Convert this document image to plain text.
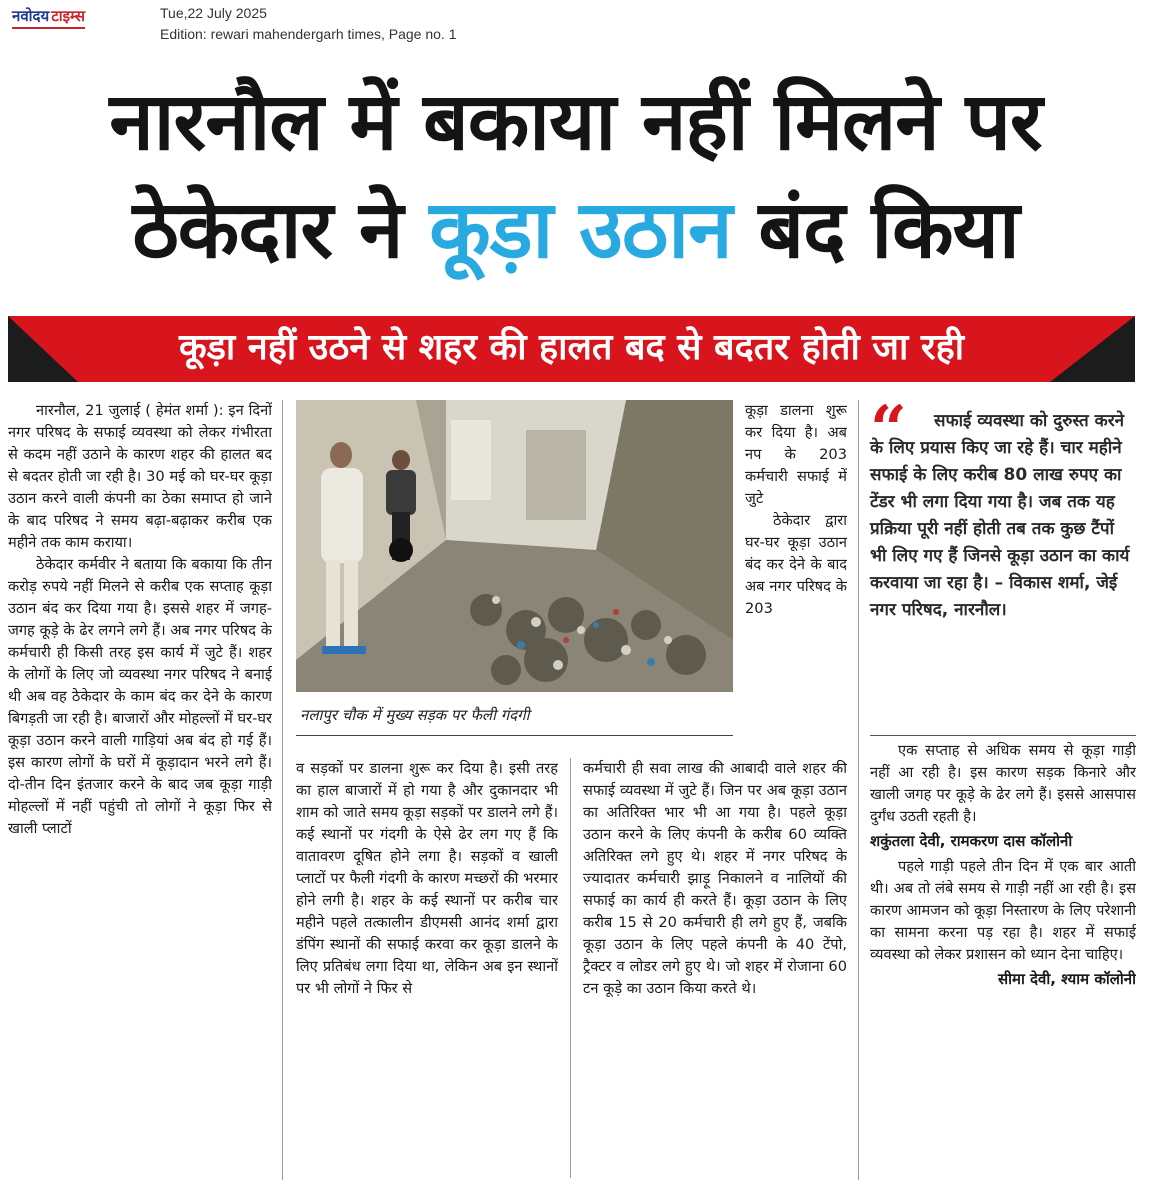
नवोदय टाइम्स	Tue,22 July 2025
Edition: rewari mahendergarh times, Page no. 1
नारनौल में बकाया नहीं मिलने पर
ठेकेदार ने कूड़ा उठान बंद किया
कूड़ा नहीं उठने से शहर की हालत बद से बदतर होती जा रही

नारनौल, 21 जुलाई ( हेमंत शर्मा ): इन दिनों नगर परिषद के सफाई व्यवस्था को लेकर गंभीरता से कदम नहीं उठाने के कारण शहर की हालत बद से बदतर होती जा रही है। 30 मई को घर-घर कूड़ा उठान करने वाली कंपनी का ठेका समाप्त हो जाने के बाद परिषद ने समय बढ़ा-बढ़ाकर करीब एक महीने तक काम कराया।

ठेकेदार कर्मवीर ने बताया कि बकाया कि तीन करोड़ रुपये नहीं मिलने से करीब एक सप्ताह कूड़ा उठान बंद कर दिया गया है। इससे शहर में जगह-जगह कूड़े के ढेर लगने लगे हैं। अब नगर परिषद के कर्मचारी ही किसी तरह इस कार्य में जुटे हैं। शहर के लोगों के लिए जो व्यवस्था नगर परिषद ने बनाई थी अब वह ठेकेदार के काम बंद कर देने के कारण बिगड़ती जा रही है। बाजारों और मोहल्लों में घर-घर कूड़ा उठान करने वाली गाड़ियां अब बंद हो गई हैं। इस कारण लोगों के घरों में कूड़ादान भरने लगे हैं। दो-तीन दिन इंतजार करने के बाद जब कूड़ा गाड़ी मोहल्लों में नहीं पहुंची तो लोगों ने कूड़ा फिर से खाली प्लाटों

नलापुर चौक में मुख्य सड़क पर फैली गंदगी

कूड़ा डालना शुरू कर दिया है। अब नप के 203 कर्मचारी सफाई में जुटे

ठेकेदार द्वारा घर-घर कूड़ा उठान बंद कर देने के बाद अब नगर परिषद के 203

व सड़कों पर डालना शुरू कर दिया है। इसी तरह का हाल बाजारों में हो गया है और दुकानदार भी शाम को जाते समय कूड़ा सड़कों पर डालने लगे हैं। कई स्थानों पर गंदगी के ऐसे ढेर लग गए हैं कि वातावरण दूषित होने लगा है। सड़कों व खाली प्लाटों पर फैली गंदगी के कारण मच्छरों की भरमार होने लगी है। शहर के कई स्थानों पर करीब चार महीने पहले तत्कालीन डीएमसी आनंद शर्मा द्वारा डंपिंग स्थानों की सफाई करवा कर कूड़ा डालने के लिए प्रतिबंध लगा दिया था, लेकिन अब इन स्थानों पर भी लोगों ने फिर से

कर्मचारी ही सवा लाख की आबादी वाले शहर की सफाई व्यवस्था में जुटे हैं। जिन पर अब कूड़ा उठान का अतिरिक्त भार भी आ गया है। पहले कूड़ा उठान करने के लिए कंपनी के करीब 60 व्यक्ति अतिरिक्त लगे हुए थे। शहर में नगर परिषद के ज्यादातर कर्मचारी झाड़ू निकालने व नालियों की सफाई का कार्य ही करते हैं। कूड़ा उठान के लिए करीब 15 से 20 कर्मचारी ही लगे हुए हैं, जबकि कूड़ा उठान के लिए पहले कंपनी के 40 टेंपो, ट्रैक्टर व लोडर लगे हुए थे। जो शहर में रोजाना 60 टन कूड़े का उठान किया करते थे।

“	सफाई व्यवस्था को दुरुस्त करने के लिए प्रयास किए जा रहे हैं। चार महीने सफाई के लिए करीब 80 लाख रुपए का टेंडर भी लगा दिया गया है। जब तक यह प्रक्रिया पूरी नहीं होती तब तक कुछ टैंपों भी लिए गए हैं जिनसे कूड़ा उठान का कार्य करवाया जा रहा है। – विकास शर्मा, जेई नगर परिषद, नारनौल।

एक सप्ताह से अधिक समय से कूड़ा गाड़ी नहीं आ रही है। इस कारण सड़क किनारे और खाली जगह पर कूड़े के ढेर लगे हैं। इससे आसपास दुर्गंध उठती रहती है।

शकुंतला देवी, रामकरण दास कॉलोनी

पहले गाड़ी पहले तीन दिन में एक बार आती थी। अब तो लंबे समय से गाड़ी नहीं आ रही है। इस कारण आमजन को कूड़ा निस्तारण के लिए परेशानी का सामना करना पड़ रहा है। शहर में सफाई व्यवस्था को लेकर प्रशासन को ध्यान देना चाहिए।

सीमा देवी, श्याम कॉलोनी
